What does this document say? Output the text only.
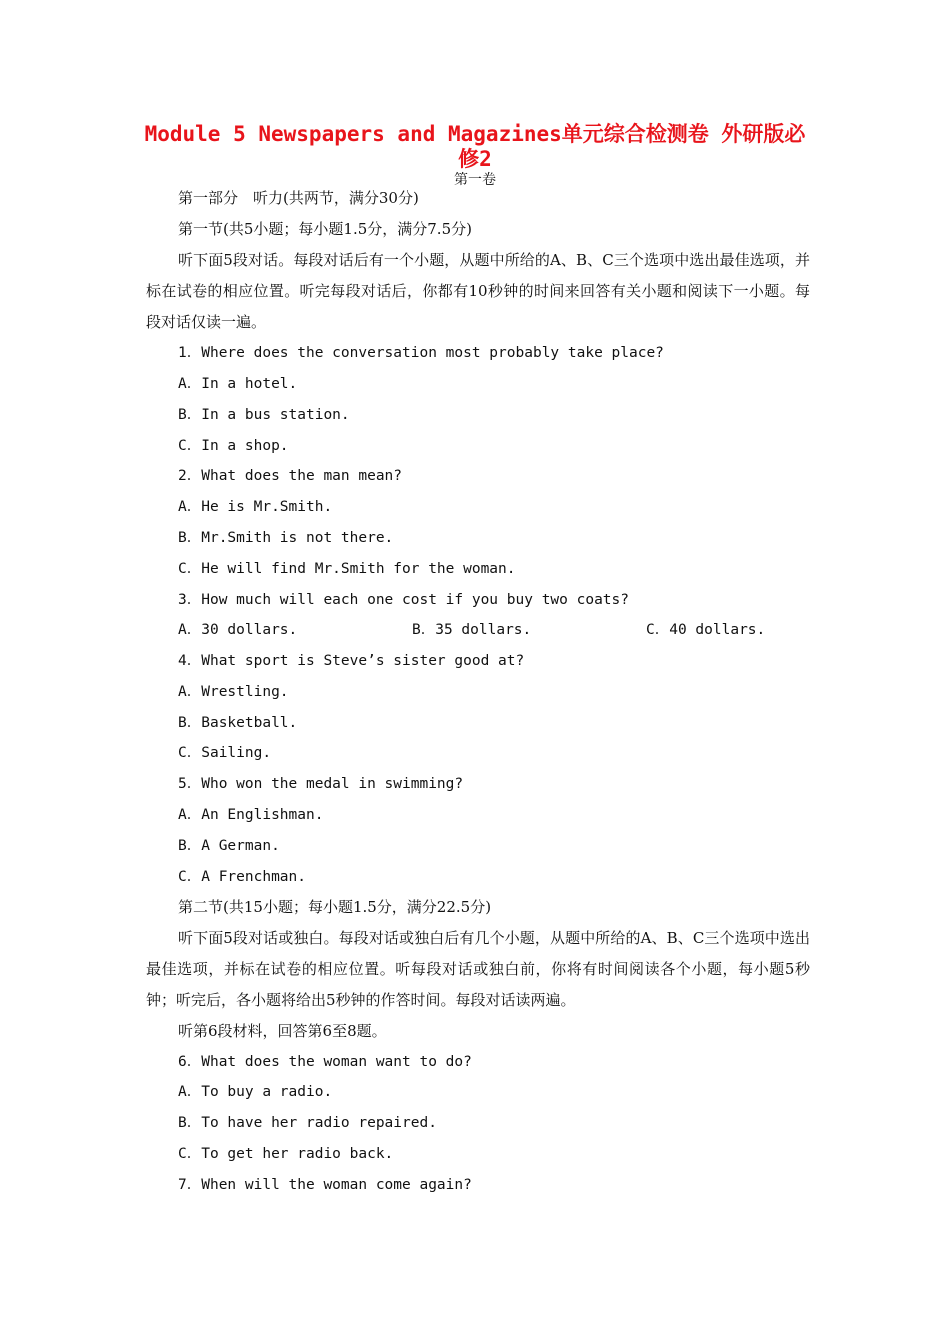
Module 5 Newspapers and Magazines单元综合检测卷 外研版必修2
第一卷
第一部分　听力(共两节，满分30分)
第一节(共5小题；每小题1.5分，满分7.5分)
听下面5段对话。每段对话后有一个小题，从题中所给的A、B、C三个选项中选出最佳选项，并标在试卷的相应位置。听完每段对话后，你都有10秒钟的时间来回答有关小题和阅读下一小题。每段对话仅读一遍。
1．Where does the conversation most probably take place?
A．In a hotel.
B．In a bus station.
C．In a shop.
2．What does the man mean?
A．He is Mr.Smith.
B．Mr.Smith is not there.
C．He will find Mr.Smith for the woman.
3．How much will each one cost if you buy two coats?
A．30 dollars.	B．35 dollars.	C．40 dollars.
4．What sport is Steve’s sister good at?
A．Wrestling.
B．Basketball.
C．Sailing.
5．Who won the medal in swimming?
A．An Englishman.
B．A German.
C．A Frenchman.
第二节(共15小题；每小题1.5分，满分22.5分)
听下面5段对话或独白。每段对话或独白后有几个小题，从题中所给的A、B、C三个选项中选出最佳选项，并标在试卷的相应位置。听每段对话或独白前，你将有时间阅读各个小题，每小题5秒钟；听完后，各小题将给出5秒钟的作答时间。每段对话读两遍。
听第6段材料，回答第6至8题。
6．What does the woman want to do?
A．To buy a radio.
B．To have her radio repaired.
C．To get her radio back.
7．When will the woman come again?
